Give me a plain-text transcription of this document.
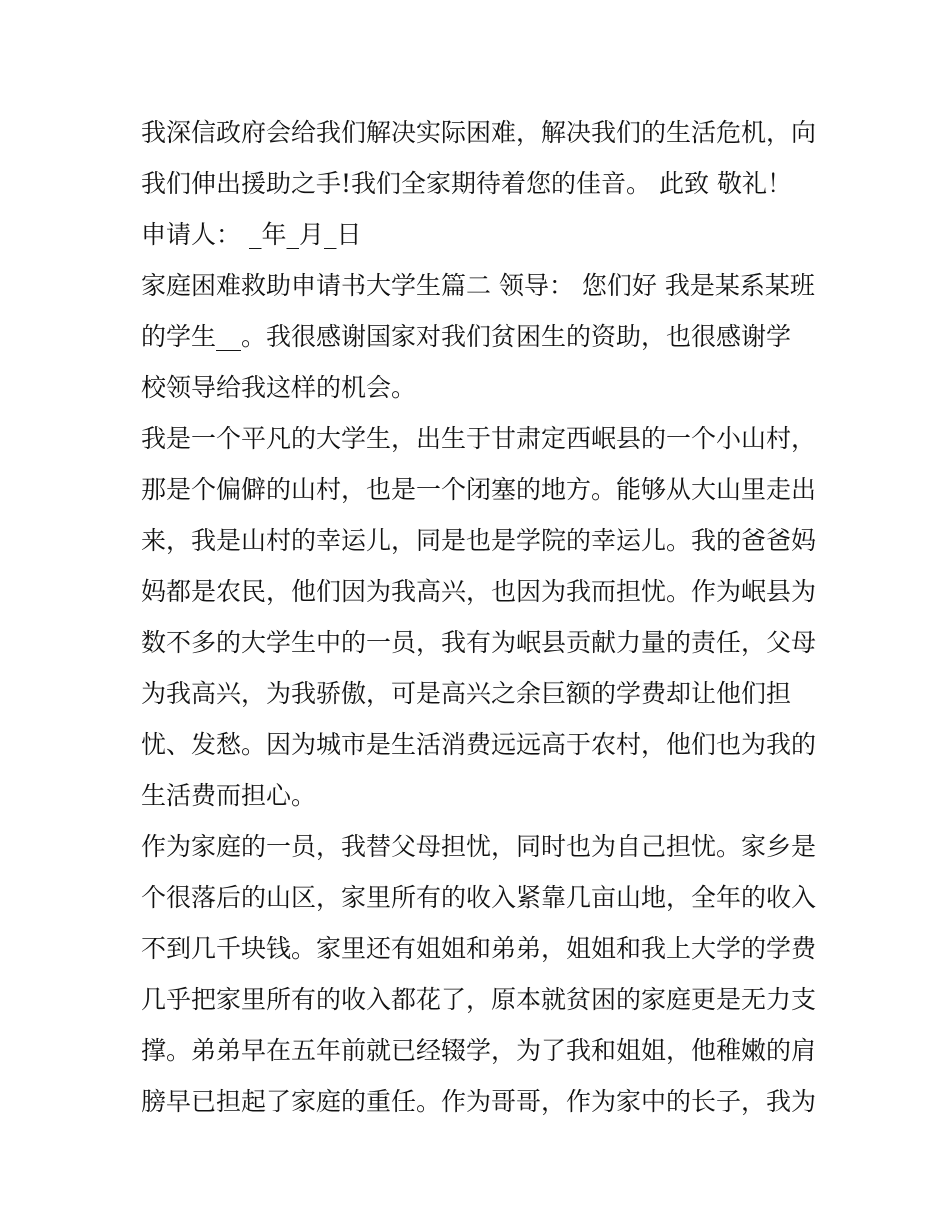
我深信政府会给我们解决实际困难，解决我们的生活危机，向
我们伸出援助之手!我们全家期待着您的佳音。 此致 敬礼！
申请人： _年_月_日
家庭困难救助申请书大学生篇二 领导： 您们好 我是某系某班
的学生__。我很感谢国家对我们贫困生的资助，也很感谢学
校领导给我这样的机会。
我是一个平凡的大学生，出生于甘肃定西岷县的一个小山村，
那是个偏僻的山村，也是一个闭塞的地方。能够从大山里走出
来，我是山村的幸运儿，同是也是学院的幸运儿。我的爸爸妈
妈都是农民，他们因为我高兴，也因为我而担忧。作为岷县为
数不多的大学生中的一员，我有为岷县贡献力量的责任，父母
为我高兴，为我骄傲，可是高兴之余巨额的学费却让他们担
忧、发愁。因为城市是生活消费远远高于农村，他们也为我的
生活费而担心。
作为家庭的一员，我替父母担忧，同时也为自己担忧。家乡是
个很落后的山区，家里所有的收入紧靠几亩山地，全年的收入
不到几千块钱。家里还有姐姐和弟弟，姐姐和我上大学的学费
几乎把家里所有的收入都花了，原本就贫困的家庭更是无力支
撑。弟弟早在五年前就已经辍学，为了我和姐姐，他稚嫩的肩
膀早已担起了家庭的重任。作为哥哥，作为家中的长子，我为
